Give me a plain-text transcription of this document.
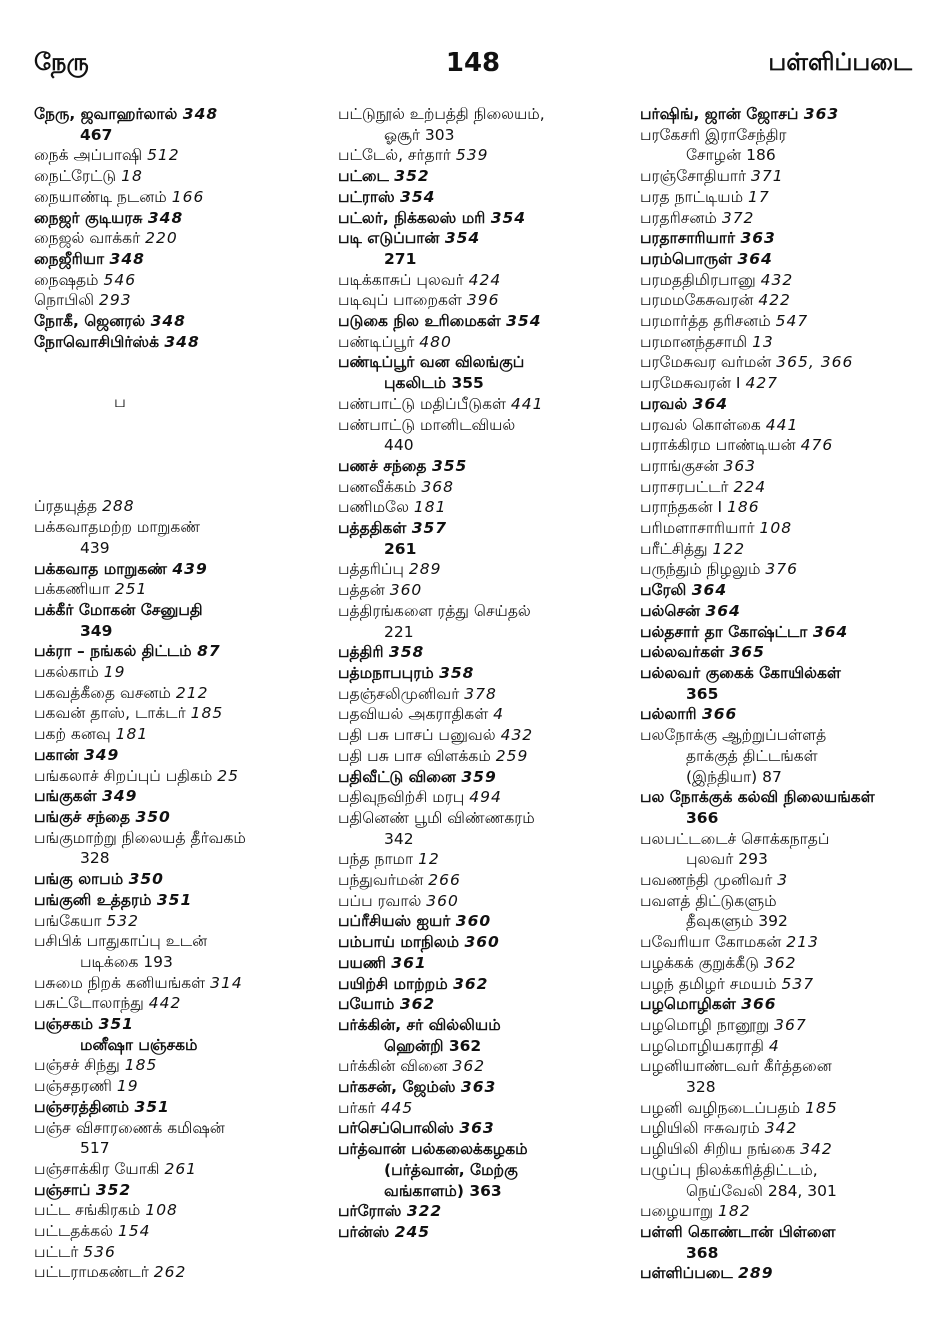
நேரு	148	பள்ளிப்படை
நேரு, ஜவாஹர்லால் 348
467
நைக் அப்பாஷி 512
நைட்ரேட்டு 18
நையாண்டி நடனம் 166
நைஜர் குடியரசு 348
நைஜல் வாக்கர் 220
நைஜீரியா 348
நைஷதம் 546
நொபிலி 293
நோகீ, ஜெனரல் 348
நோவொசிபிர்ஸ்க் 348
ப
ப்ரதயுத்த 288
பக்கவாதமற்ற மாறுகண்
439
பக்கவாத மாறுகண் 439
பக்கணியா 251
பக்கீர் மோகன் சேனுபதி
349
பக்ரா – நங்கல் திட்டம் 87
பகல்காம் 19
பகவத்கீதை வசனம் 212
பகவன் தாஸ், டாக்டர் 185
பகற் கனவு 181
பகான் 349
பங்கலாச் சிறப்புப் பதிகம் 25
பங்குகள் 349
பங்குச் சந்தை 350
பங்குமாற்று நிலையத் தீர்வகம்
328
பங்கு லாபம் 350
பங்குனி உத்தரம் 351
பங்கேயா 532
பசிபிக் பாதுகாப்பு உடன்
படிக்கை 193
பசுமை நிறக் கனியங்கள் 314
பசுட்டோலாந்து 442
பஞ்சகம் 351
மனீஷா பஞ்சகம்
பஞ்சச் சிந்து 185
பஞ்சதரணி 19
பஞ்சரத்தினம் 351
பஞ்ச விசாரணைக் கமிஷன்
517
பஞ்சாக்கிர யோகி 261
பஞ்சாப் 352
பட்ட சங்கிரகம் 108
பட்டதக்கல் 154
பட்டர் 536
பட்டராமகண்டர் 262
பட்டுநூல் உற்பத்தி நிலையம்,
ஓசூர் 303
பட்டேல், சர்தார் 539
பட்டை 352
பட்ராஸ் 354
பட்லர், நிக்கலஸ் மரி 354
படி எடுப்பான் 354
271
படிக்காசுப் புலவர் 424
படிவுப் பாறைகள் 396
படுகை நில உரிமைகள் 354
பண்டிப்பூர் 480
பண்டிப்பூர் வன விலங்குப்
புகலிடம் 355
பண்பாட்டு மதிப்பீடுகள் 441
பண்பாட்டு மானிடவியல்
440
பணச் சந்தை 355
பணவீக்கம் 368
பணிமலே 181
பத்ததிகள் 357
261
பத்தரிப்பு 289
பத்தன் 360
பத்திரங்களை ரத்து செய்தல்
221
பத்திரி 358
பத்மநாபபுரம் 358
பதஞ்சலிமுனிவர் 378
பதவியல் அகராதிகள் 4
பதி பசு பாசப் பனுவல் 432
பதி பசு பாச விளக்கம் 259
பதிவீட்டு வினை 359
பதிவுநவிற்சி மரபு 494
பதினெண் பூமி விண்ணகரம்
342
பந்த நாமா 12
பந்துவர்மன் 266
பப்ப ரவால் 360
பப்ரீசியஸ் ஐயர் 360
பம்பாய் மாநிலம் 360
பயணி 361
பயிற்சி மாற்றம் 362
பயோம் 362
பர்க்கின், சர் வில்லியம்
ஹென்றி 362
பர்க்கின் வினை 362
பர்கசன், ஜேம்ஸ் 363
பர்கர் 445
பர்செப்பொலிஸ் 363
பர்த்வான் பல்கலைக்கழகம்
(பர்த்வான், மேற்கு
வங்காளம்) 363
பர்ரோஸ் 322
பர்ன்ஸ் 245
பர்ஷிங், ஜான் ஜோசப் 363
பரகேசரி இராசேந்திர
சோழன் 186
பரஞ்சோதியார் 371
பரத நாட்டியம் 17
பரதரிசனம் 372
பரதாசாரியார் 363
பரம்பொருள் 364
பரமததிமிரபானு 432
பரமமகேசுவரன் 422
பரமார்த்த தரிசனம் 547
பரமானந்தசாமி 13
பரமேசுவர வர்மன் 365, 366
பரமேசுவரன் I 427
பரவல் 364
பரவல் கொள்கை 441
பராக்கிரம பாண்டியன் 476
பராங்குசன் 363
பராசரபட்டர் 224
பராந்தகன் I 186
பரிமளாசாரியார் 108
பரீட்சித்து 122
பருந்தும் நிழலும் 376
பரேலி 364
பல்சென் 364
பல்தசார் தா கோஷ்ட்டா 364
பல்லவர்கள் 365
பல்லவர் குகைக் கோயில்கள்
365
பல்லாரி 366
பலநோக்கு ஆற்றுப்பள்ளத்
தாக்குத் திட்டங்கள்
(இந்தியா) 87
பல நோக்குக் கல்வி நிலையங்கள்
366
பலபட்டடைச் சொக்கநாதப்
புலவர் 293
பவணந்தி முனிவர் 3
பவளத் திட்டுகளும்
தீவுகளும் 392
பவேரியா கோமகன் 213
பழக்கக் குறுக்கீடு 362
பழந் தமிழர் சமயம் 537
பழமொழிகள் 366
பழமொழி நானூறு 367
பழமொழியகராதி 4
பழனியாண்டவர் கீர்த்தனை
328
பழனி வழிநடைப்பதம் 185
பழியிலி ஈசுவரம் 342
பழியிலி சிறிய நங்கை 342
பழுப்பு நிலக்கரித்திட்டம்,
நெய்வேலி 284, 301
பழையாறு 182
பள்ளி கொண்டான் பிள்ளை
368
பள்ளிப்படை 289
